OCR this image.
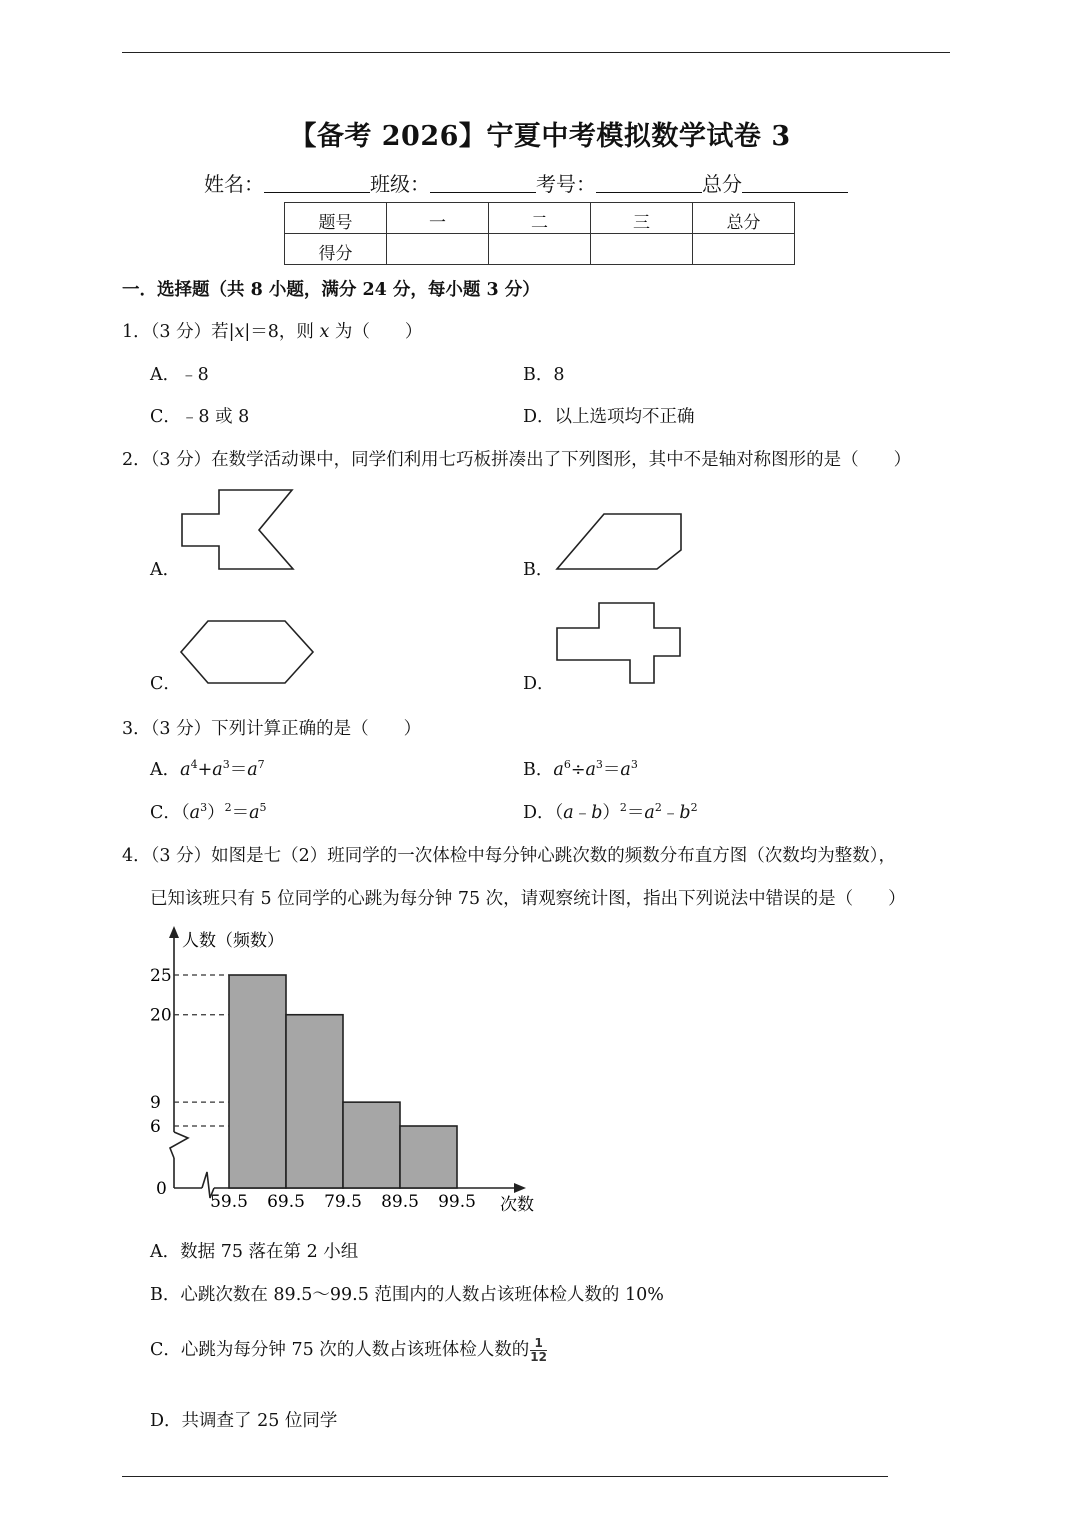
【备考 2026】宁夏中考模拟数学试卷 3
姓名：	班级：	考号：	总分
题号	一	二	三	总分
得分				
一．选择题（共 8 小题，满分 24 分，每小题 3 分）
1．（3 分）若|x|＝8，则 x 为（　　）
A．﹣8	B．8
C．﹣8 或 8	D．以上选项均不正确
2．（3 分）在数学活动课中，同学们利用七巧板拼凑出了下列图形，其中不是轴对称图形的是（　　）
A．	B．
C．	D．
3．（3 分）下列计算正确的是（　　）
A．$a^4+a^3=a^7$	B．$a^6\div a^3=a^3$
C．$(a^3)^2=a^5$	D．$(a﹣b)^2=a^2﹣b^2$
4．（3 分）如图是七（2）班同学的一次体检中每分钟心跳次数的频数分布直方图（次数均为整数），
已知该班只有 5 位同学的心跳为每分钟 75 次，请观察统计图，指出下列说法中错误的是（　　）
人数（频数）
次数
0
25
20
9
6
59.5 69.5 79.5 89.5 99.5
A．数据 75 落在第 2 小组
B．心跳次数在 89.5～99.5 范围内的人数占该班体检人数的 10%
C．心跳为每分钟 75 次的人数占该班体检人数的 $\frac{1}{12}$
D．共调查了 25 位同学
